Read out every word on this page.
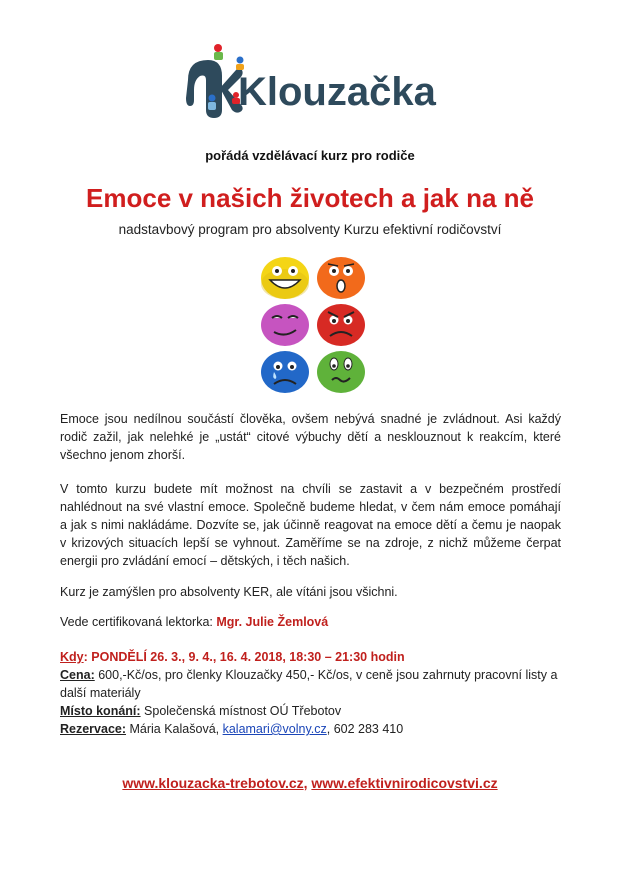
Klouzačka
pořádá vzdělávací kurz pro rodiče
Emoce v našich životech a jak na ně
nadstavbový program pro absolventy Kurzu efektivní rodičovství
Emoce jsou nedílnou součástí člověka, ovšem nebývá snadné je zvládnout. Asi každý rodič zažil, jak nelehké je „ustát“ citové výbuchy dětí a nesklouznout k reakcím, které všechno jenom zhorší.
V tomto kurzu budete mít možnost na chvíli se zastavit a v bezpečném prostředí nahlédnout na své vlastní emoce. Společně budeme hledat, v čem nám emoce pomáhají a jak s nimi nakládáme. Dozvíte se, jak účinně reagovat na emoce dětí a čemu je naopak v krizových situacích lepší se vyhnout. Zaměříme se na zdroje, z nichž můžeme čerpat energii pro zvládání emocí – dětských, i těch našich.
Kurz je zamýšlen pro absolventy KER, ale vítáni jsou všichni.
Vede certifikovaná lektorka: Mgr. Julie Žemlová
Kdy: PONDĚLÍ 26. 3., 9. 4., 16. 4. 2018, 18:30 – 21:30 hodin
Cena: 600,-Kč/os, pro členky Klouzačky 450,- Kč/os, v ceně jsou zahrnuty pracovní listy a další materiály
Místo konání: Společenská místnost OÚ Třebotov
Rezervace: Mária Kalašová, kalamari@volny.cz, 602 283 410
www.klouzacka-trebotov.cz, www.efektivnirodicovstvi.cz
